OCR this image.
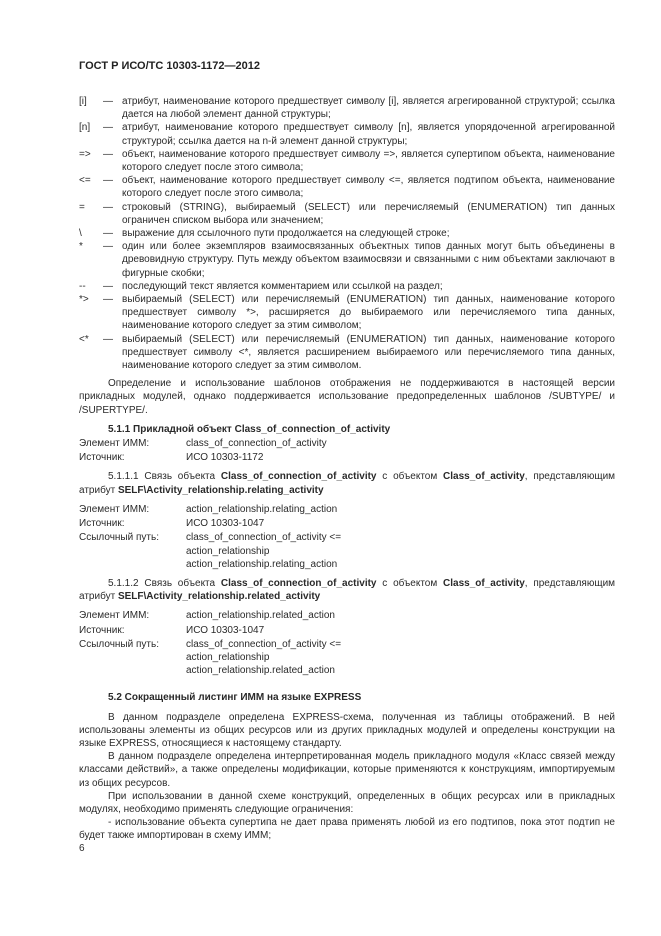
ГОСТ Р ИСО/ТС 10303-1172—2012
[i]	— атрибут, наименование которого предшествует символу [i], является агрегированной структурой; ссылка дается на любой элемент данной структуры;
[n]	— атрибут, наименование которого предшествует символу [n], является упорядоченной агрегированной структурой; ссылка дается на n-й элемент данной структуры;
=>	— объект, наименование которого предшествует символу =>, является супертипом объекта, наименование которого следует после этого символа;
<=	— объект, наименование которого предшествует символу <=, является подтипом объекта, наименование которого следует после этого символа;
=	— строковый (STRING), выбираемый (SELECT) или перечисляемый (ENUMERATION) тип данных ограничен списком выбора или значением;
\	— выражение для ссылочного пути продолжается на следующей строке;
*	— один или более экземпляров взаимосвязанных объектных типов данных могут быть объединены в древовидную структуру. Путь между объектом взаимосвязи и связанными с ним объектами заключают в фигурные скобки;
--	— последующий текст является комментарием или ссылкой на раздел;
*>	— выбираемый (SELECT) или перечисляемый (ENUMERATION) тип данных, наименование которого предшествует символу *>, расширяется до выбираемого или перечисляемого типа данных, наименование которого следует за этим символом;
<*	— выбираемый (SELECT) или перечисляемый (ENUMERATION) тип данных, наименование которого предшествует символу <*, является расширением выбираемого или перечисляемого типа данных, наименование которого следует за этим символом.

Определение и использование шаблонов отображения не поддерживаются в настоящей версии прикладных модулей, однако поддерживается использование предопределенных шаблонов /SUBTYPE/ и /SUPERTYPE/.

5.1.1 Прикладной объект Class_of_connection_of_activity
Элемент ИММ:	class_of_connection_of_activity
Источник:	ИСО 10303-1172

5.1.1.1 Связь объекта Class_of_connection_of_activity с объектом Class_of_activity, представляющим атрибут SELF\Activity_relationship.relating_activity

Элемент ИММ:	action_relationship.relating_action
Источник:	ИСО 10303-1047
Ссылочный путь:	class_of_connection_of_activity <=
action_relationship
action_relationship.relating_action

5.1.1.2 Связь объекта Class_of_connection_of_activity с объектом Class_of_activity, представляющим атрибут SELF\Activity_relationship.related_activity

Элемент ИММ:	action_relationship.related_action
Источник:	ИСО 10303-1047
Ссылочный путь:	class_of_connection_of_activity <=
action_relationship
action_relationship.related_action
5.2 Сокращенный листинг ИММ на языке EXPRESS

В данном подразделе определена EXPRESS-схема, полученная из таблицы отображений. В ней использованы элементы из общих ресурсов или из других прикладных модулей и определены конструкции на языке EXPRESS, относящиеся к настоящему стандарту.

В данном подразделе определена интерпретированная модель прикладного модуля «Класс связей между классами действий», а также определены модификации, которые применяются к конструкциям, импортируемым из общих ресурсов.

При использовании в данной схеме конструкций, определенных в общих ресурсах или в прикладных модулях, необходимо применять следующие ограничения:

- использование объекта супертипа не дает права применять любой из его подтипов, пока этот подтип не будет также импортирован в схему ИММ;

6
